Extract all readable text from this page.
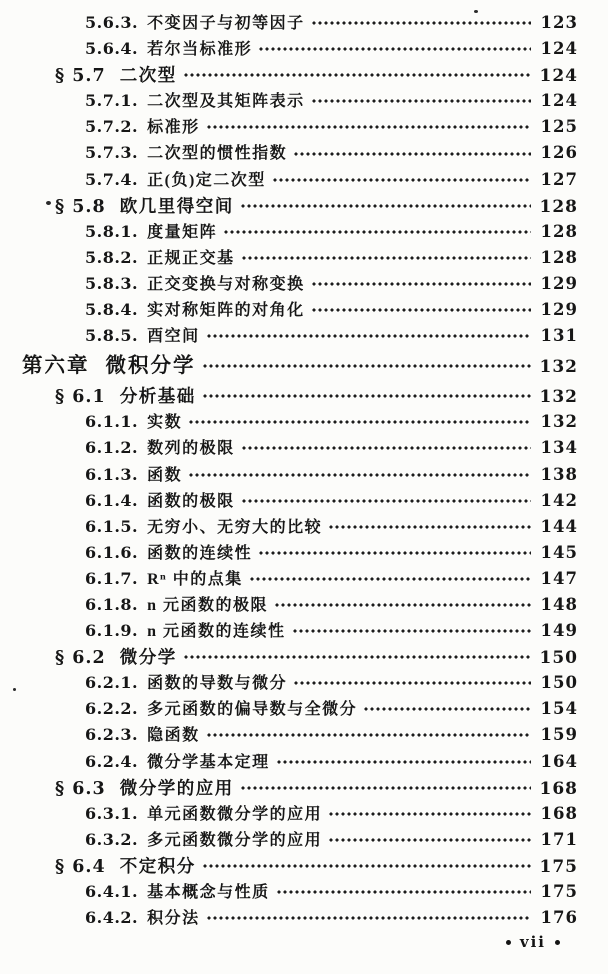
5.6.3. 不变因子与初等因子	123
5.6.4. 若尔当标准形	124
§ 5.7 二次型	124
5.7.1. 二次型及其矩阵表示	124
5.7.2. 标准形	125
5.7.3. 二次型的惯性指数	126
5.7.4. 正(负)定二次型	127
§ 5.8 欧几里得空间	128
5.8.1. 度量矩阵	128
5.8.2. 正规正交基	128
5.8.3. 正交变换与对称变换	129
5.8.4. 实对称矩阵的对角化	129
5.8.5. 酉空间	131
第六章 微积分学	132
§ 6.1 分析基础	132
6.1.1. 实数	132
6.1.2. 数列的极限	134
6.1.3. 函数	138
6.1.4. 函数的极限	142
6.1.5. 无穷小、无穷大的比较	144
6.1.6. 函数的连续性	145
6.1.7. Rⁿ 中的点集	147
6.1.8. n 元函数的极限	148
6.1.9. n 元函数的连续性	149
§ 6.2 微分学	150
6.2.1. 函数的导数与微分	150
6.2.2. 多元函数的偏导数与全微分	154
6.2.3. 隐函数	159
6.2.4. 微分学基本定理	164
§ 6.3 微分学的应用	168
6.3.1. 单元函数微分学的应用	168
6.3.2. 多元函数微分学的应用	171
§ 6.4 不定积分	175
6.4.1. 基本概念与性质	175
6.4.2. 积分法	176
vii
